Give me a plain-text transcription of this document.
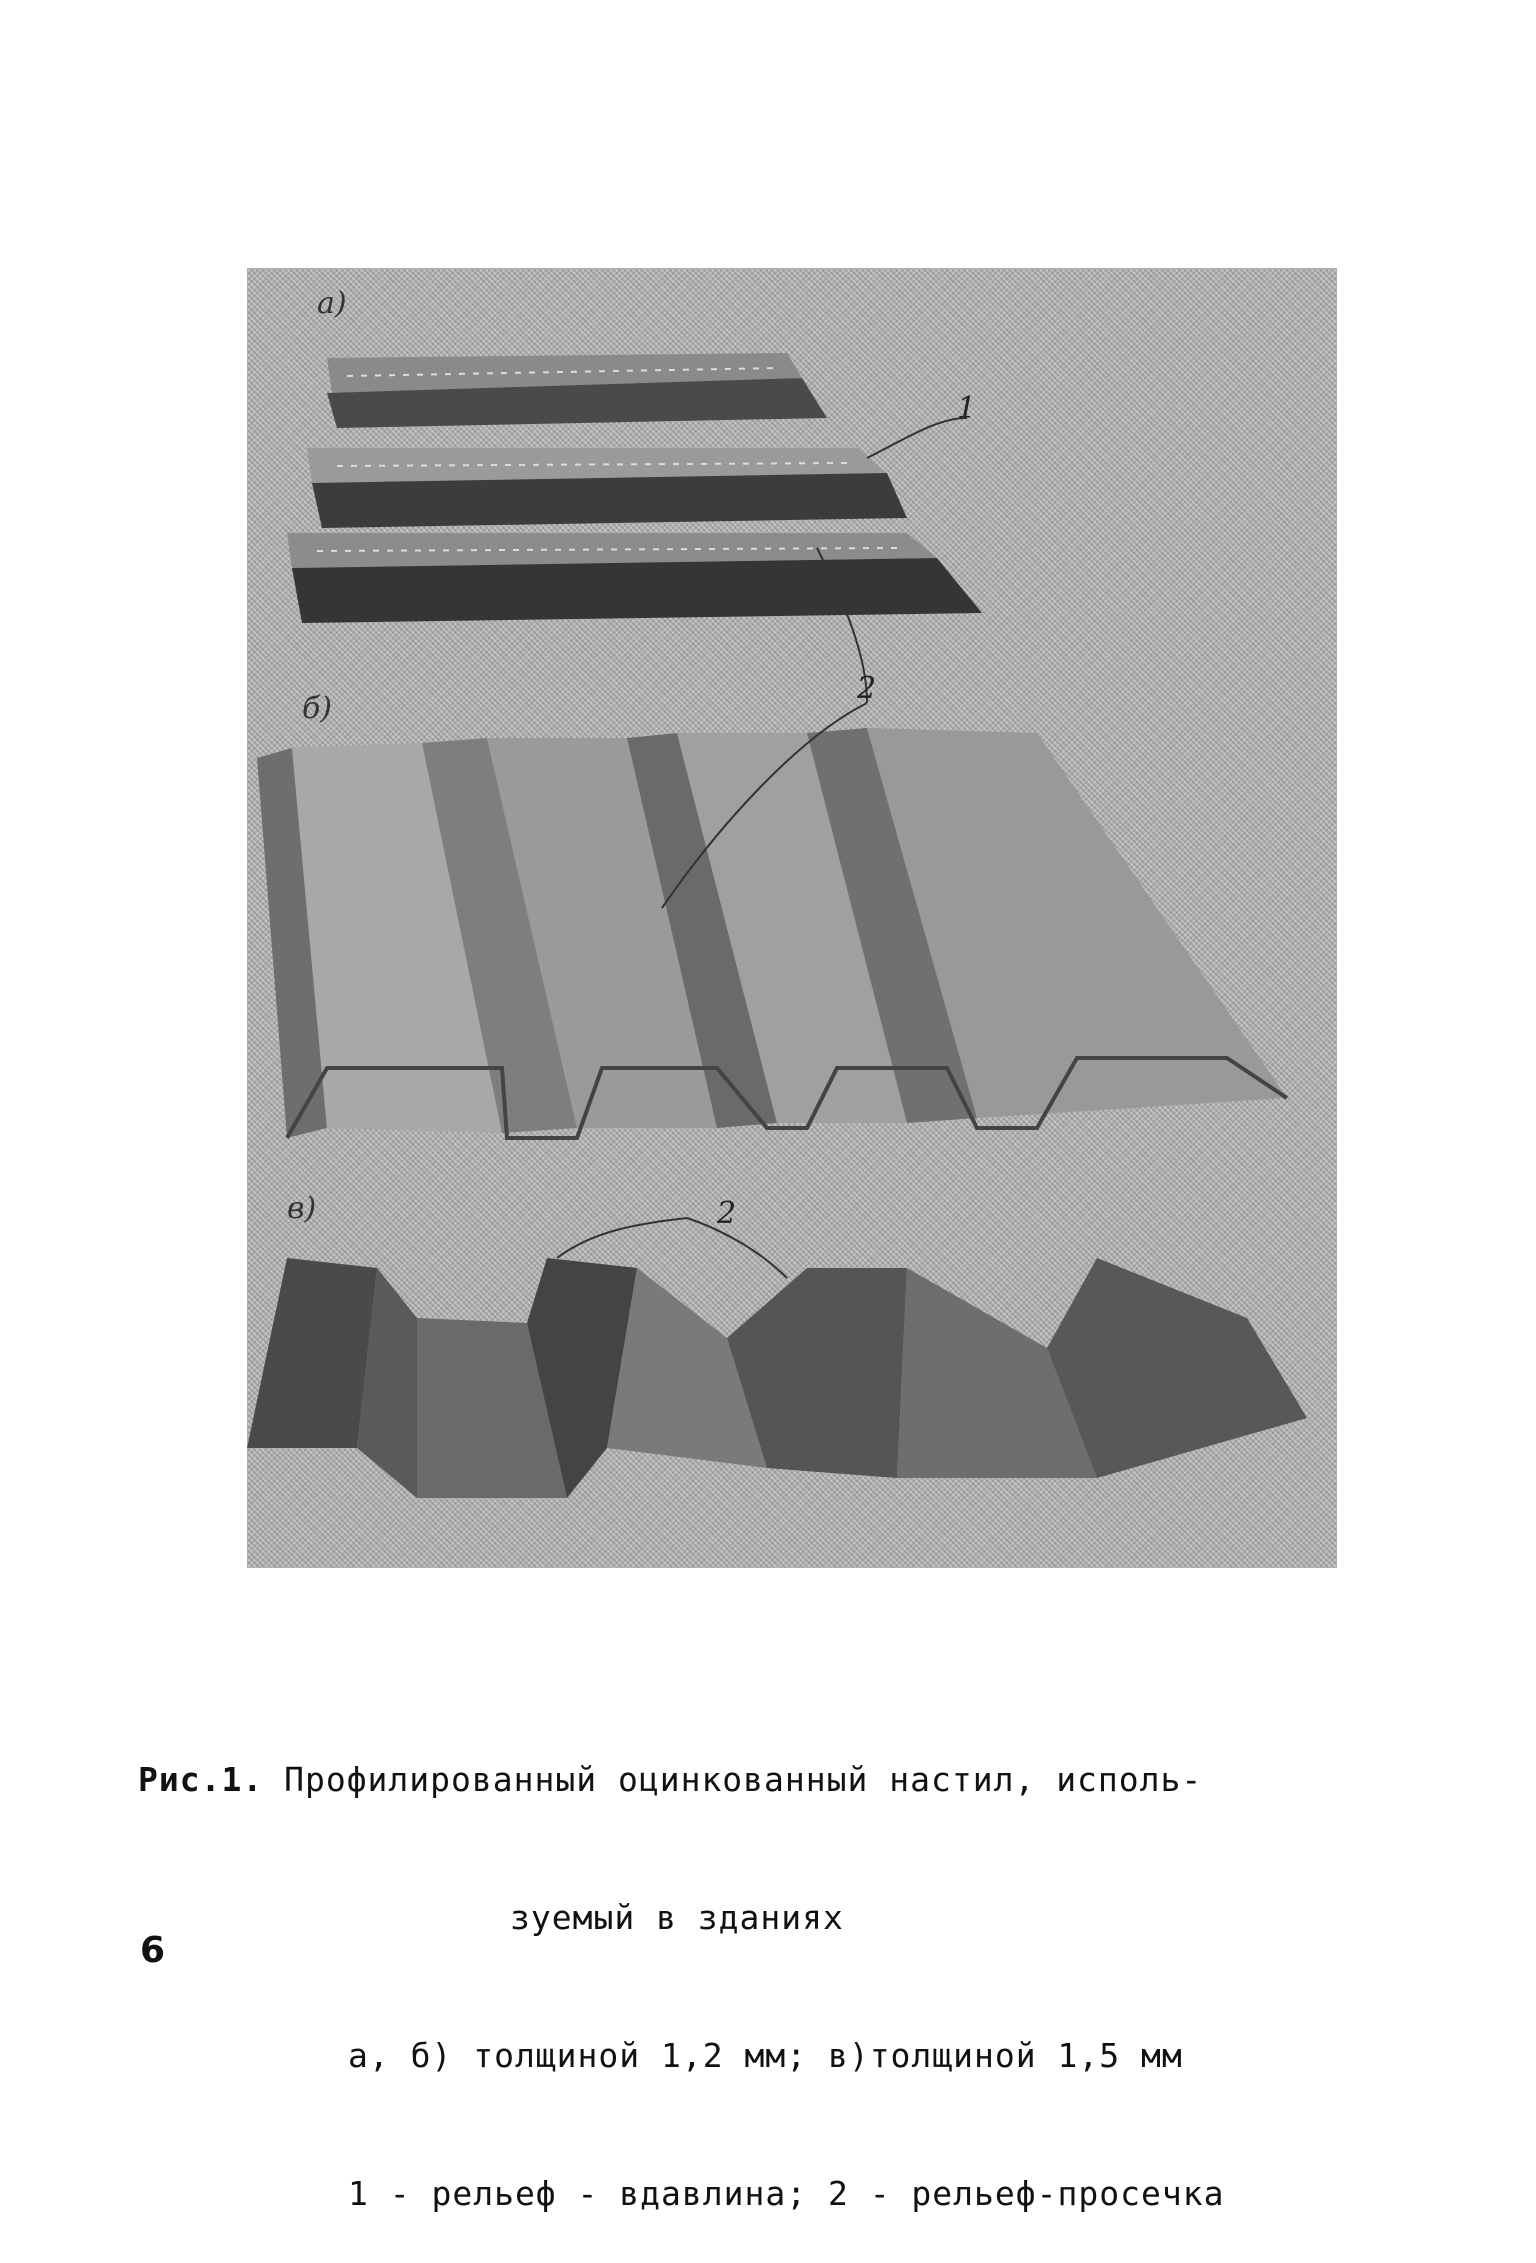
а)
1
б)
2
в)	2

Рис.1. Профилированный оцинкованный настил, исполь-

зуемый в зданиях

а, б) толщиной 1,2 мм; в)толщиной 1,5 мм

1 - рельеф - вдавлина; 2 - рельеф-просечка

6
